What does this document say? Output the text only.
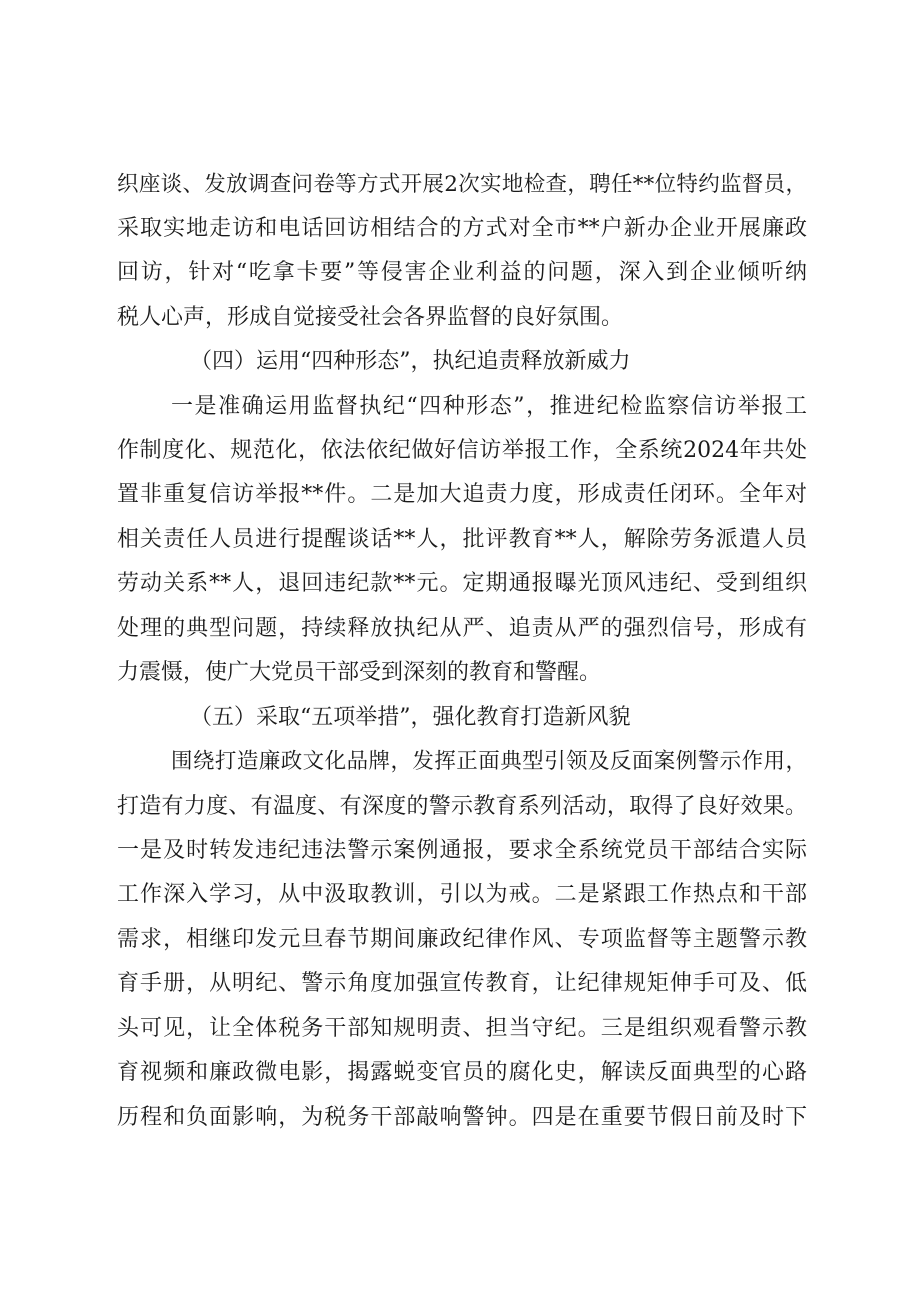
织座谈、发放调查问卷等方式开展2次实地检查，聘任**位特约监督员，
采取实地走访和电话回访相结合的方式对全市**户新办企业开展廉政
回访，针对“吃拿卡要”等侵害企业利益的问题，深入到企业倾听纳
税人心声，形成自觉接受社会各界监督的良好氛围。
（四）运用“四种形态”，执纪追责释放新威力
一是准确运用监督执纪“四种形态”，推进纪检监察信访举报工
作制度化、规范化，依法依纪做好信访举报工作，全系统2024年共处
置非重复信访举报**件。二是加大追责力度，形成责任闭环。全年对
相关责任人员进行提醒谈话**人，批评教育**人，解除劳务派遣人员
劳动关系**人，退回违纪款**元。定期通报曝光顶风违纪、受到组织
处理的典型问题，持续释放执纪从严、追责从严的强烈信号，形成有
力震慑，使广大党员干部受到深刻的教育和警醒。
（五）采取“五项举措”，强化教育打造新风貌
围绕打造廉政文化品牌，发挥正面典型引领及反面案例警示作用，
打造有力度、有温度、有深度的警示教育系列活动，取得了良好效果。
一是及时转发违纪违法警示案例通报，要求全系统党员干部结合实际
工作深入学习，从中汲取教训，引以为戒。二是紧跟工作热点和干部
需求，相继印发元旦春节期间廉政纪律作风、专项监督等主题警示教
育手册，从明纪、警示角度加强宣传教育，让纪律规矩伸手可及、低
头可见，让全体税务干部知规明责、担当守纪。三是组织观看警示教
育视频和廉政微电影，揭露蜕变官员的腐化史，解读反面典型的心路
历程和负面影响，为税务干部敲响警钟。四是在重要节假日前及时下
